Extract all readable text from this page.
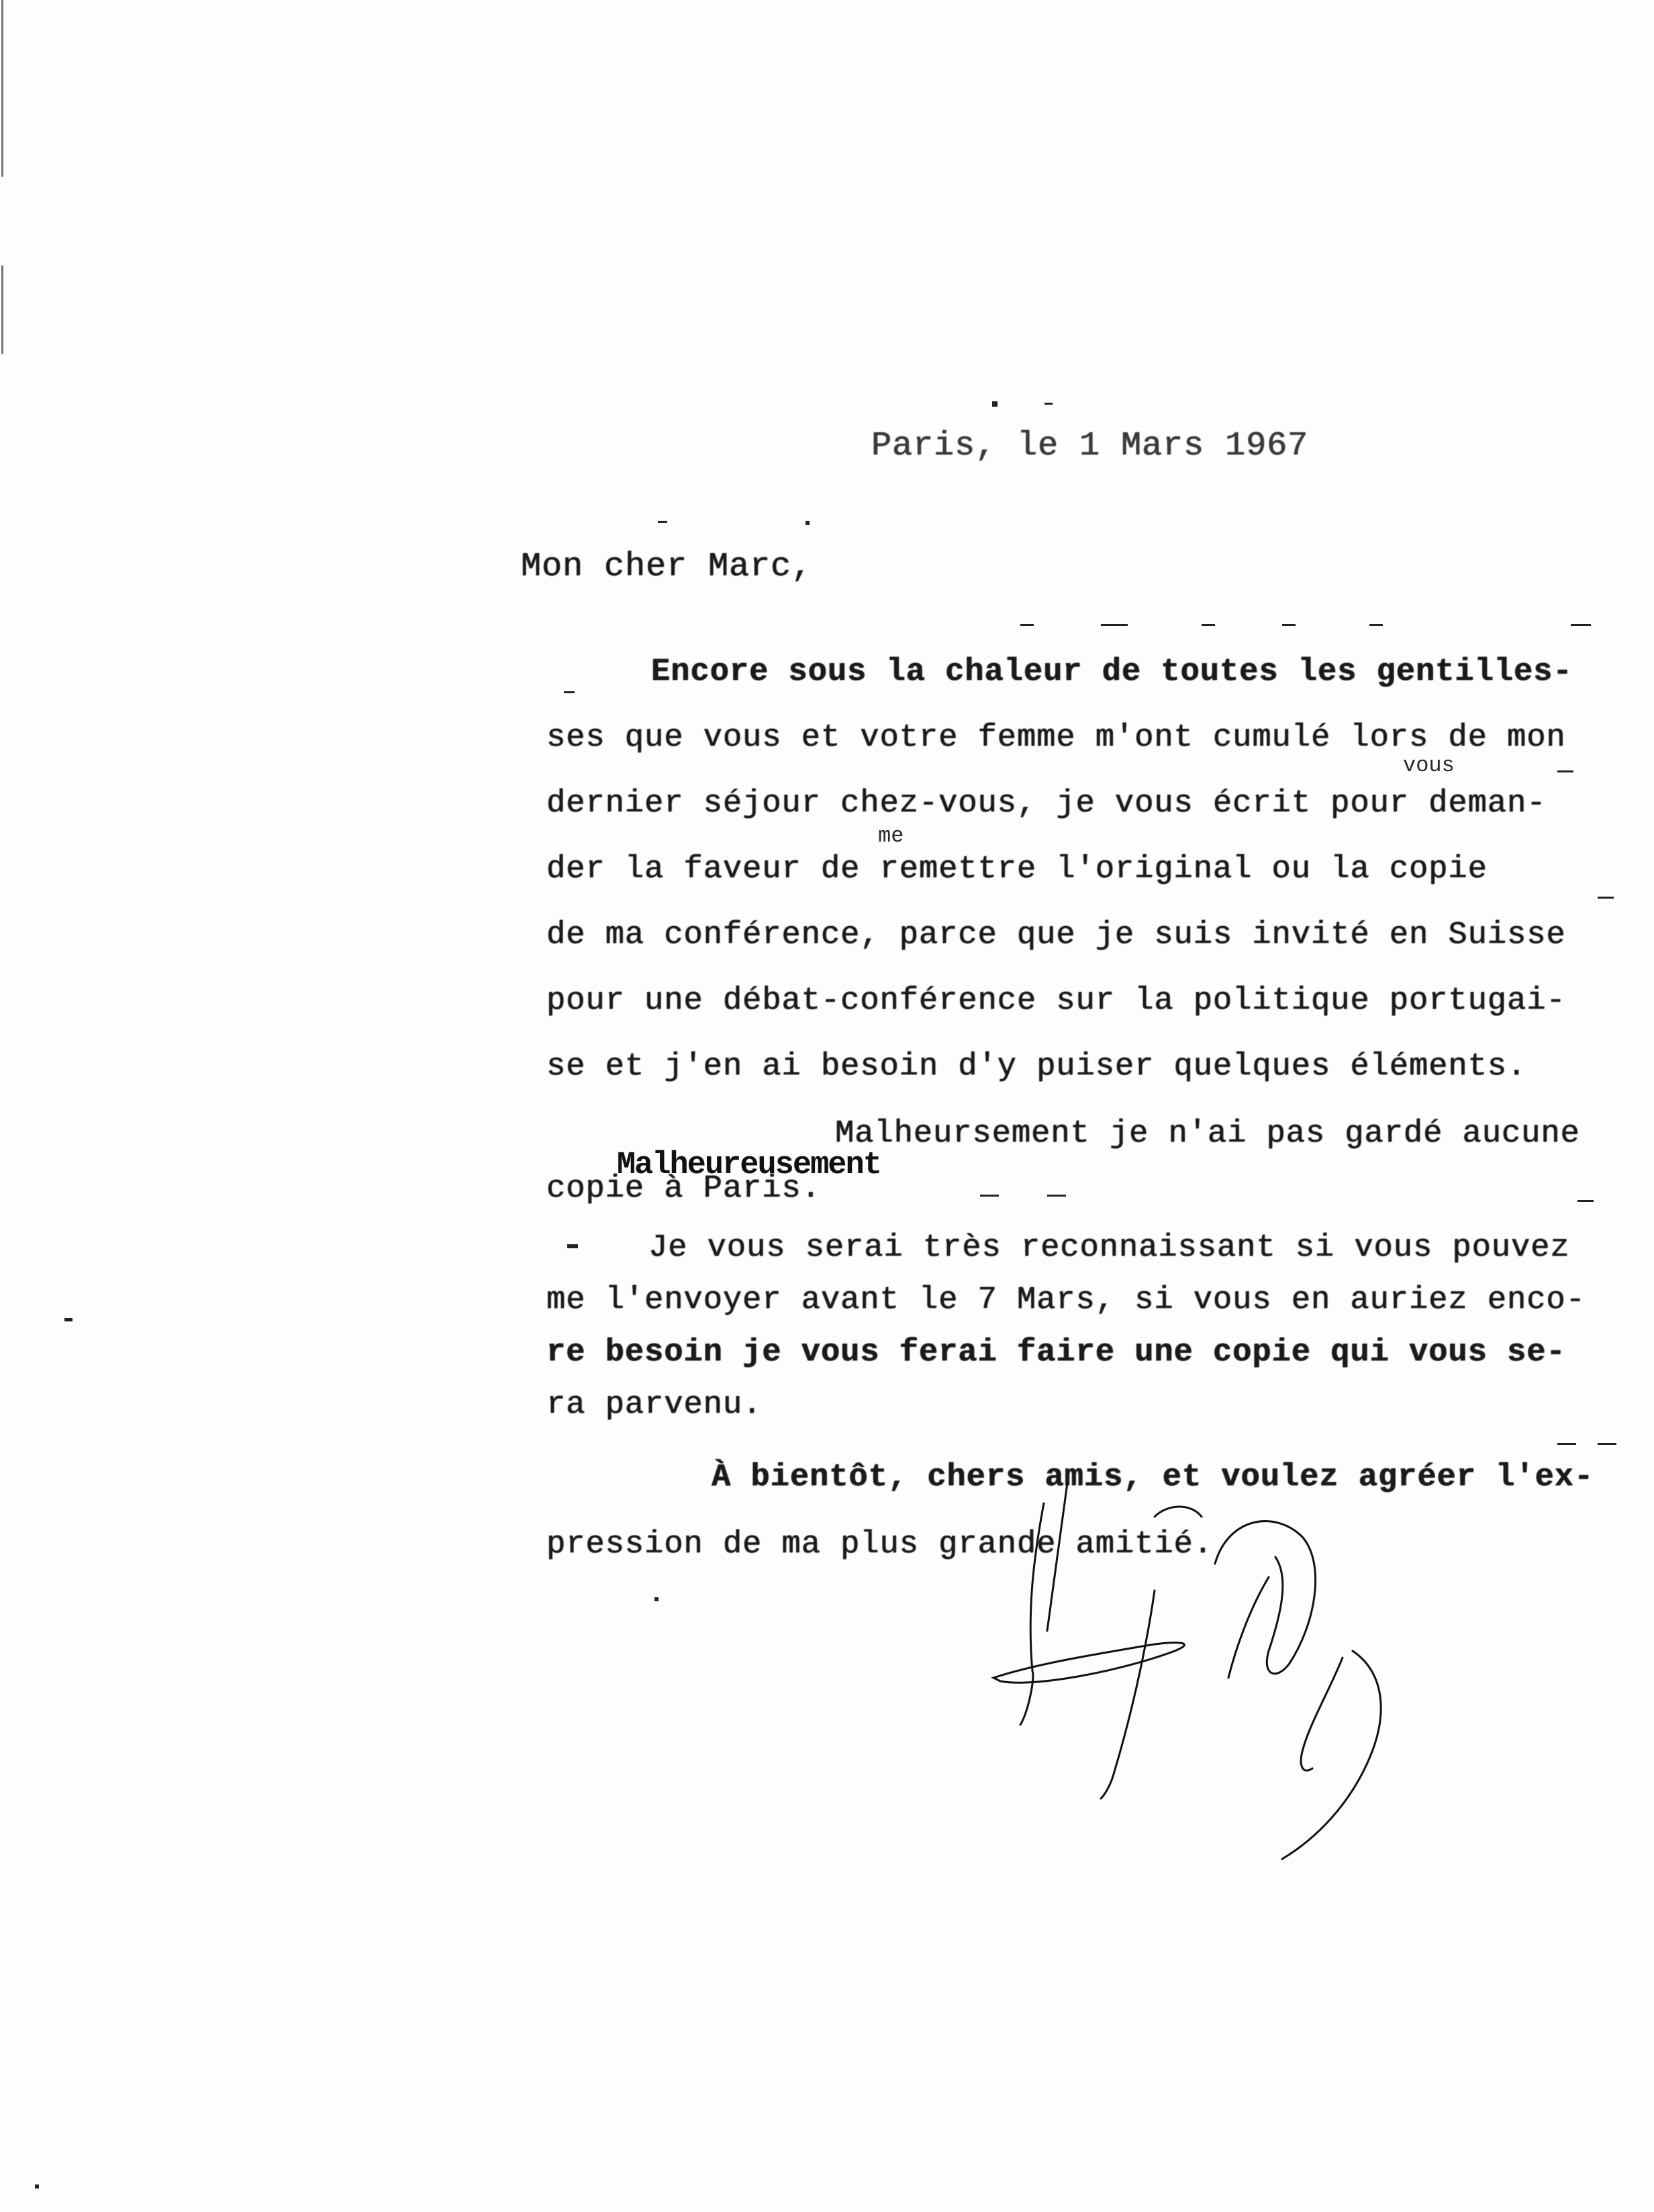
Paris, le 1 Mars 1967
Mon cher Marc,
vous
me
Encore sous la chaleur de toutes les gentilles-
ses que vous et votre femme m'ont cumulé lors de mon
dernier séjour chez-vous, je vous écrit pour deman-
der la faveur de remettre l'original ou la copie
de ma conférence, parce que je suis invité en Suisse
pour une débat-conférence sur la politique portugai-
se et j'en ai besoin d'y puiser quelques éléments.

Malheureusement

Malheursement je n'ai pas gardé aucune
copie à Paris.
Je vous serai très reconnaissant si vous pouvez
me l'envoyer avant le 7 Mars, si vous en auriez enco-
re besoin je vous ferai faire une copie qui vous se-
ra parvenu.
À bientôt, chers amis, et voulez agréer l'ex-
pression de ma plus grande amitié.
